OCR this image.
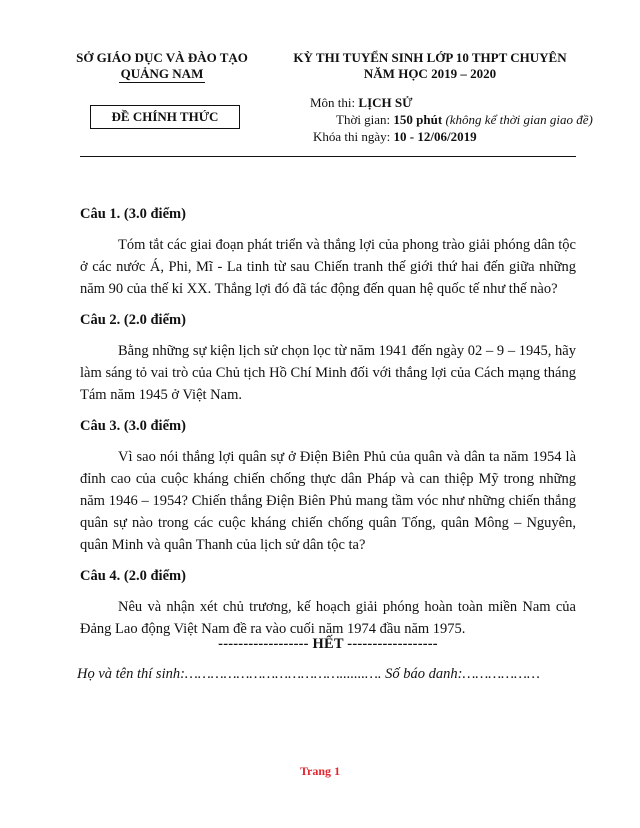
SỞ GIÁO DỤC VÀ ĐÀO TẠO
QUẢNG NAM
KỲ THI TUYỂN SINH LỚP 10 THPT CHUYÊN
NĂM HỌC 2019 – 2020
ĐỀ CHÍNH THỨC
Môn thi: LỊCH SỬ
Thời gian: 150 phút (không kể thời gian giao đề)
Khóa thi ngày: 10 - 12/06/2019

Câu 1. (3.0 điểm)

Tóm tắt các giai đoạn phát triển và thắng lợi của phong trào giải phóng dân tộc ở các nước Á, Phi, Mĩ - La tinh từ sau Chiến tranh thế giới thứ hai đến giữa những năm 90 của thế kỉ XX. Thắng lợi đó đã tác động đến quan hệ quốc tế như thế nào?

Câu 2. (2.0 điểm)

Bằng những sự kiện lịch sử chọn lọc từ năm 1941 đến ngày 02 – 9 – 1945, hãy làm sáng tỏ vai trò của Chủ tịch Hồ Chí Minh đối với thắng lợi của Cách mạng tháng Tám năm 1945 ở Việt Nam.

Câu 3. (3.0 điểm)

Vì sao nói thắng lợi quân sự ở Điện Biên Phủ của quân và dân ta năm 1954 là đỉnh cao của cuộc kháng chiến chống thực dân Pháp và can thiệp Mỹ trong những năm 1946 – 1954? Chiến thắng Điện Biên Phủ mang tầm vóc như những chiến thắng quân sự nào trong các cuộc kháng chiến chống quân Tống, quân Mông – Nguyên, quân Minh và quân Thanh của lịch sử dân tộc ta?

Câu 4. (2.0 điểm)

Nêu và nhận xét chủ trương, kế hoạch giải phóng hoàn toàn miền Nam của Đảng Lao động Việt Nam đề ra vào cuối năm 1974 đầu năm 1975.

------------------ HẾT ------------------
Họ và tên thí sinh:……………………………….......…. Số báo danh:………………
Trang 1
